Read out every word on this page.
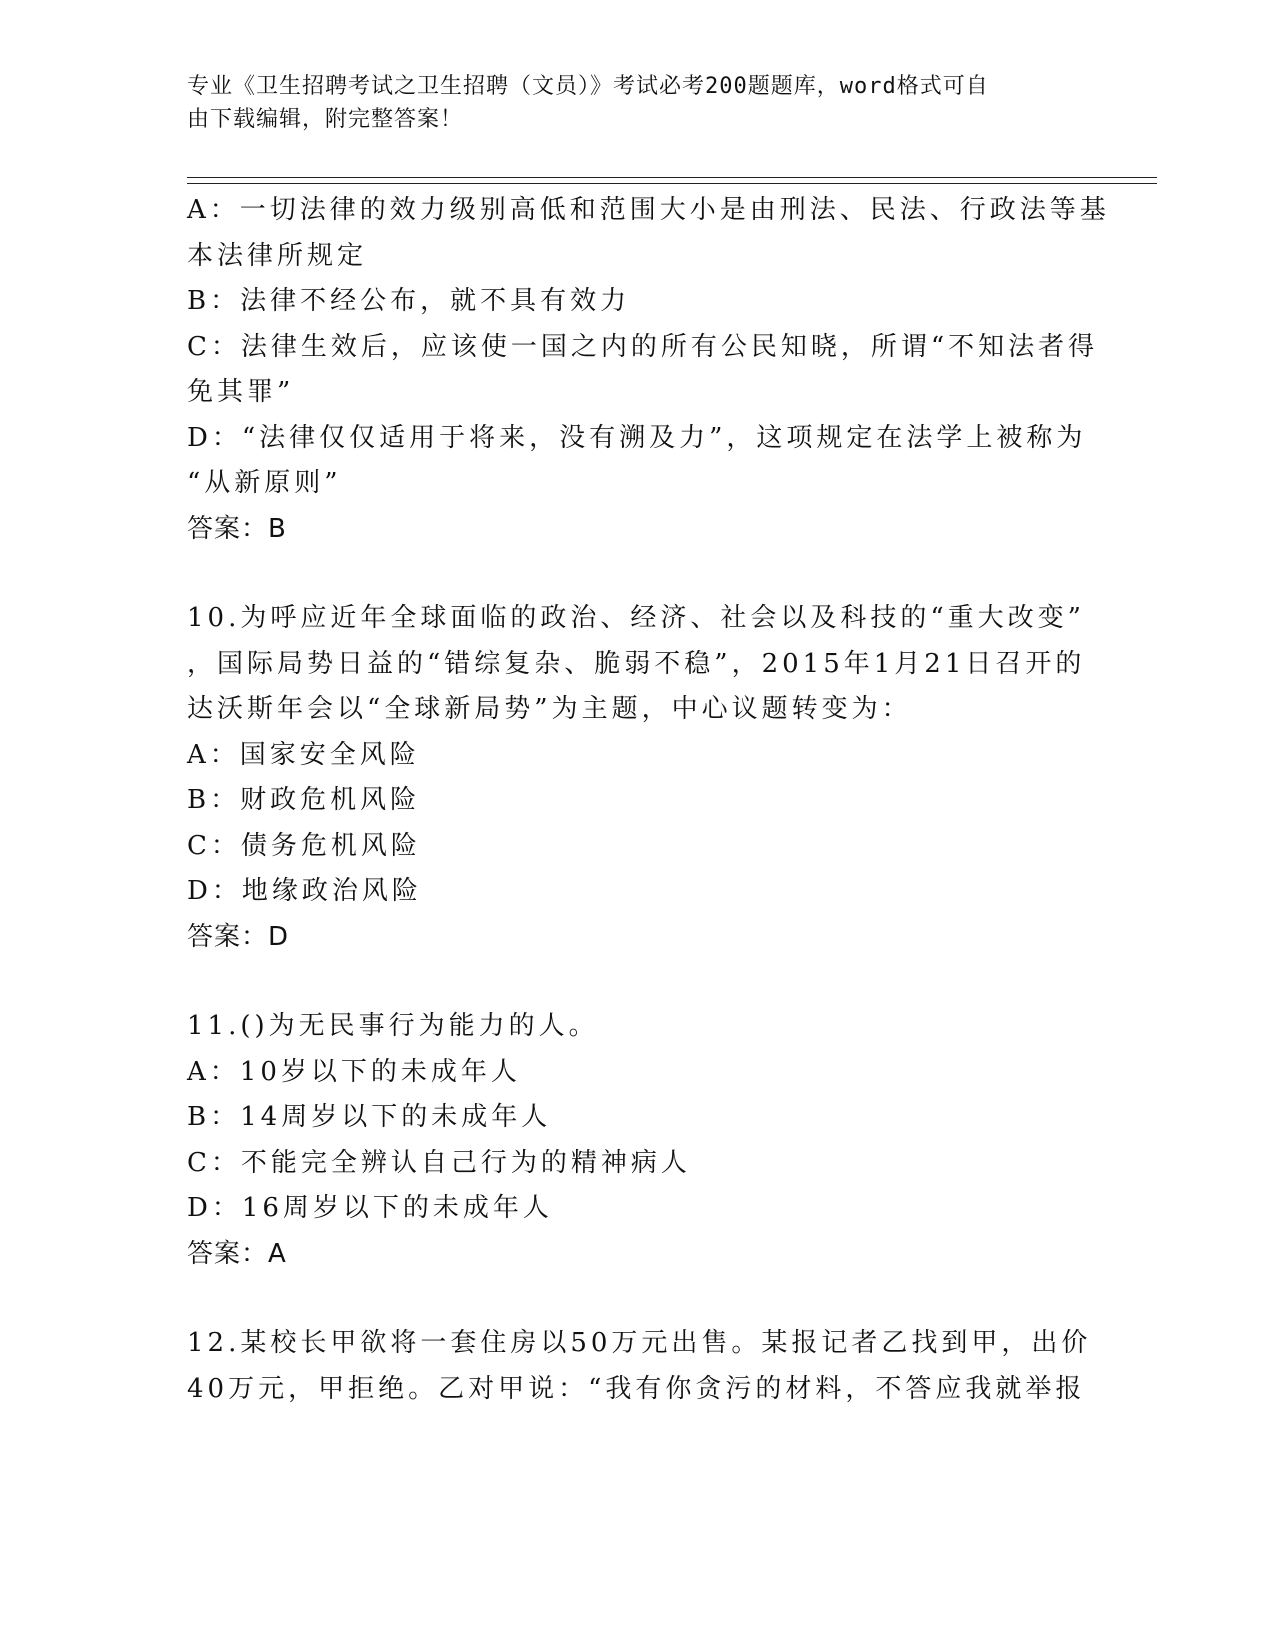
专业《卫生招聘考试之卫生招聘（文员）》考试必考200题题库，word格式可自
由下载编辑，附完整答案！
A：一切法律的效力级别高低和范围大小是由刑法、民法、行政法等基
本法律所规定
B：法律不经公布，就不具有效力
C：法律生效后，应该使一国之内的所有公民知晓，所谓“不知法者得
免其罪”
D：“法律仅仅适用于将来，没有溯及力”，这项规定在法学上被称为
“从新原则”
答案：B
10.为呼应近年全球面临的政治、经济、社会以及科技的“重大改变”
，国际局势日益的“错综复杂、脆弱不稳”，2015年1月21日召开的
达沃斯年会以“全球新局势”为主题，中心议题转变为：
A：国家安全风险
B：财政危机风险
C：债务危机风险
D：地缘政治风险
答案：D
11.()为无民事行为能力的人。
A：10岁以下的未成年人
B：14周岁以下的未成年人
C：不能完全辨认自己行为的精神病人
D：16周岁以下的未成年人
答案：A
12.某校长甲欲将一套住房以50万元出售。某报记者乙找到甲，出价
40万元，甲拒绝。乙对甲说：“我有你贪污的材料，不答应我就举报
